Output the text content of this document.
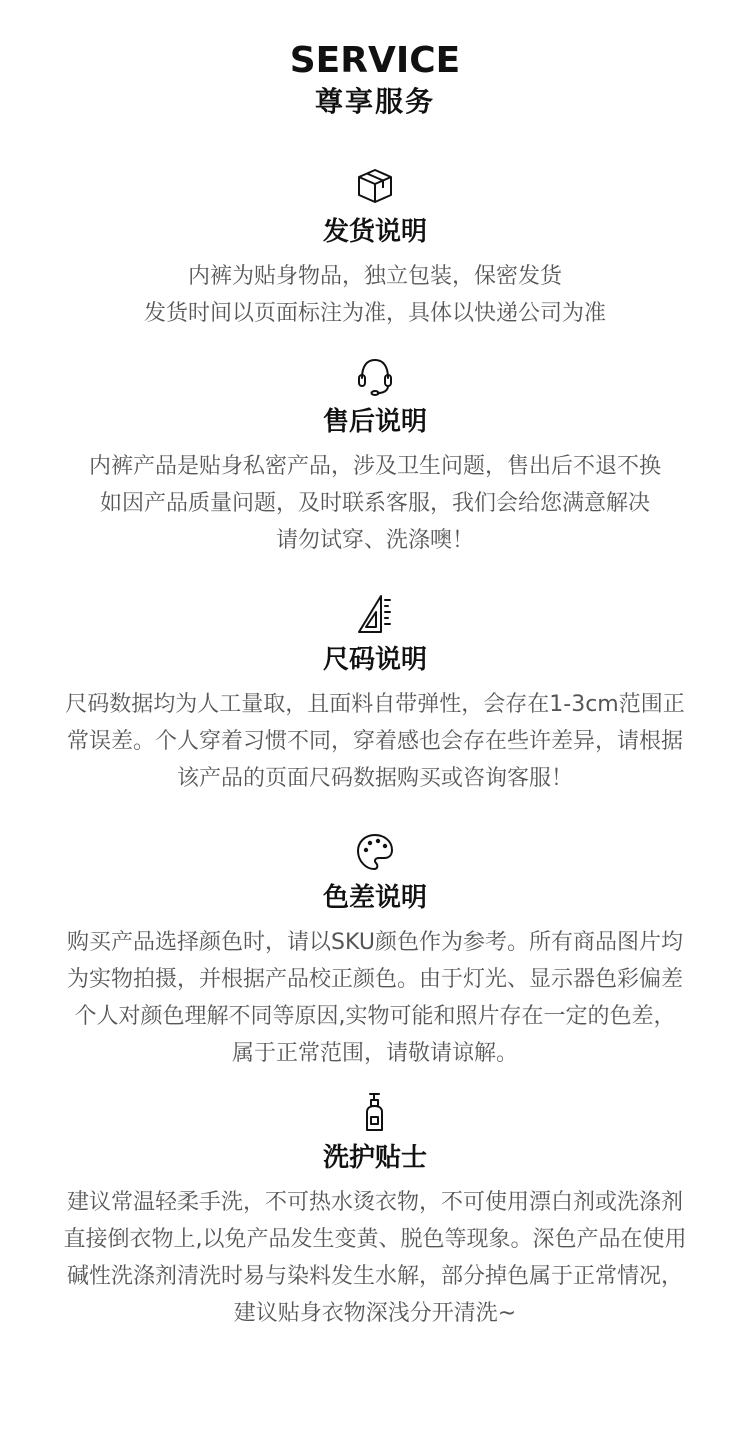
SERVICE
尊享服务
发货说明
内裤为贴身物品，独立包装，保密发货
发货时间以页面标注为准，具体以快递公司为准
售后说明
内裤产品是贴身私密产品，涉及卫生问题，售出后不退不换
如因产品质量问题，及时联系客服，我们会给您满意解决
请勿试穿、洗涤噢！
尺码说明
尺码数据均为人工量取，且面料自带弹性，会存在1-3cm范围正
常误差。个人穿着习惯不同，穿着感也会存在些许差异，请根据
该产品的页面尺码数据购买或咨询客服！
色差说明
购买产品选择颜色时，请以SKU颜色作为参考。所有商品图片均
为实物拍摄，并根据产品校正颜色。由于灯光、显示器色彩偏差
个人对颜色理解不同等原因,实物可能和照片存在一定的色差，
属于正常范围，请敬请谅解。
洗护贴士
建议常温轻柔手洗，不可热水烫衣物，不可使用漂白剂或洗涤剂
直接倒衣物上,以免产品发生变黄、脱色等现象。深色产品在使用
碱性洗涤剂清洗时易与染料发生水解，部分掉色属于正常情况，
建议贴身衣物深浅分开清洗~
